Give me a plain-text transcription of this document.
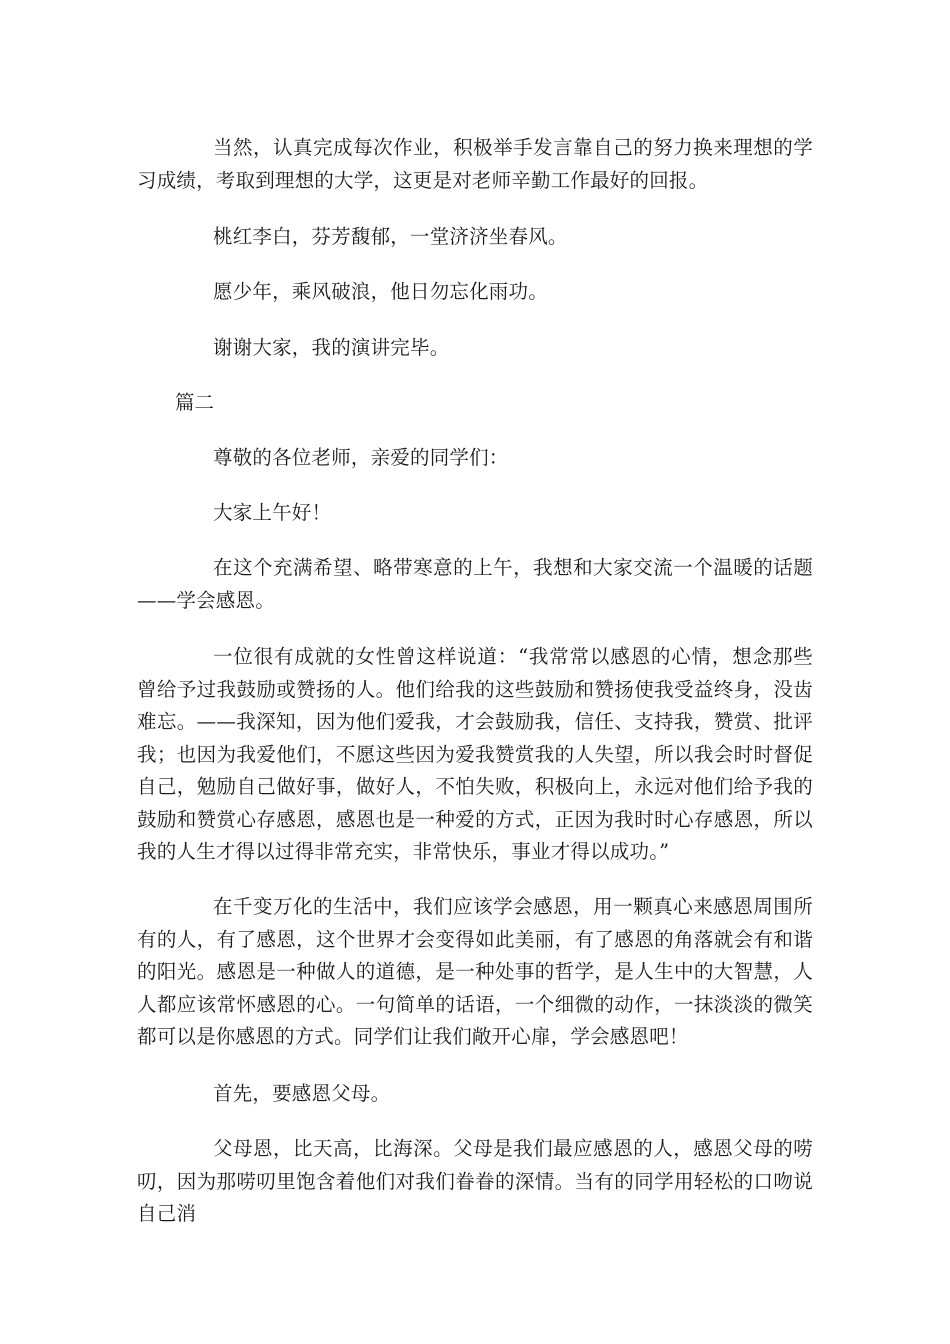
当然，认真完成每次作业，积极举手发言靠自己的努力换来理想的学习成绩，考取到理想的大学，这更是对老师辛勤工作最好的回报。

桃红李白，芬芳馥郁，一堂济济坐春风。

愿少年，乘风破浪，他日勿忘化雨功。

谢谢大家，我的演讲完毕。

篇二

尊敬的各位老师，亲爱的同学们：

大家上午好！

在这个充满希望、略带寒意的上午，我想和大家交流一个温暖的话题——学会感恩。

一位很有成就的女性曾这样说道：“我常常以感恩的心情，想念那些曾给予过我鼓励或赞扬的人。他们给我的这些鼓励和赞扬使我受益终身，没齿难忘。——我深知，因为他们爱我，才会鼓励我，信任、支持我，赞赏、批评我；也因为我爱他们，不愿这些因为爱我赞赏我的人失望，所以我会时时督促自己，勉励自己做好事，做好人，不怕失败，积极向上，永远对他们给予我的鼓励和赞赏心存感恩，感恩也是一种爱的方式，正因为我时时心存感恩，所以我的人生才得以过得非常充实，非常快乐，事业才得以成功。”

在千变万化的生活中，我们应该学会感恩，用一颗真心来感恩周围所有的人，有了感恩，这个世界才会变得如此美丽，有了感恩的角落就会有和谐的阳光。感恩是一种做人的道德，是一种处事的哲学，是人生中的大智慧，人人都应该常怀感恩的心。一句简单的话语，一个细微的动作，一抹淡淡的微笑都可以是你感恩的方式。同学们让我们敞开心扉，学会感恩吧！

首先，要感恩父母。

父母恩，比天高，比海深。父母是我们最应感恩的人，感恩父母的唠叨，因为那唠叨里饱含着他们对我们眷眷的深情。当有的同学用轻松的口吻说自己消
